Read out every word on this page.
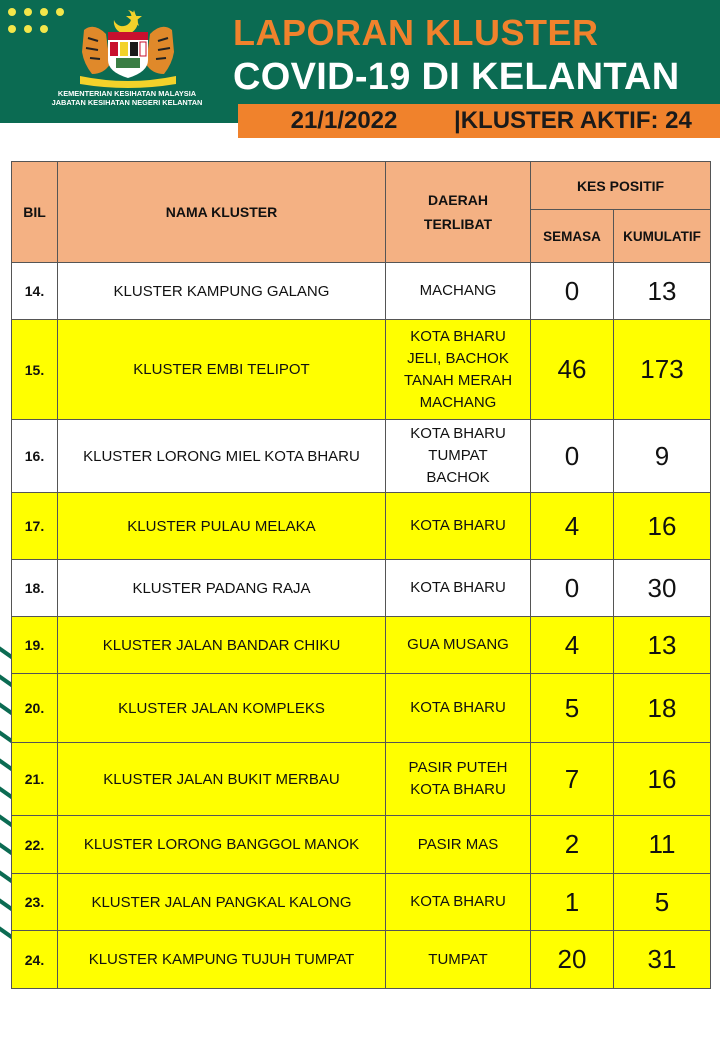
KEMENTERIAN KESIHATAN MALAYSIA
JABATAN KESIHATAN NEGERI KELANTAN
LAPORAN KLUSTER
COVID-19 DI KELANTAN
21/1/2022	|KLUSTER AKTIF: 24
BIL	NAMA KLUSTER	DAERAH
TERLIBAT	KES POSITIF	
			SEMASA	KUMULATIF
14.	KLUSTER KAMPUNG GALANG	MACHANG	0	13
15.	KLUSTER EMBI TELIPOT	KOTA BHARU
JELI, BACHOK
TANAH MERAH
MACHANG	46	173
16.	KLUSTER LORONG MIEL KOTA BHARU	KOTA BHARU
TUMPAT
BACHOK	0	9
17.	KLUSTER PULAU MELAKA	KOTA BHARU	4	16
18.	KLUSTER PADANG RAJA	KOTA BHARU	0	30
19.	KLUSTER JALAN BANDAR CHIKU	GUA MUSANG	4	13
20.	KLUSTER JALAN KOMPLEKS	KOTA BHARU	5	18
21.	KLUSTER JALAN BUKIT MERBAU	PASIR PUTEH
KOTA BHARU	7	16
22.	KLUSTER LORONG BANGGOL MANOK	PASIR MAS	2	11
23.	KLUSTER JALAN PANGKAL KALONG	KOTA BHARU	1	5
24.	KLUSTER KAMPUNG TUJUH TUMPAT	TUMPAT	20	31
